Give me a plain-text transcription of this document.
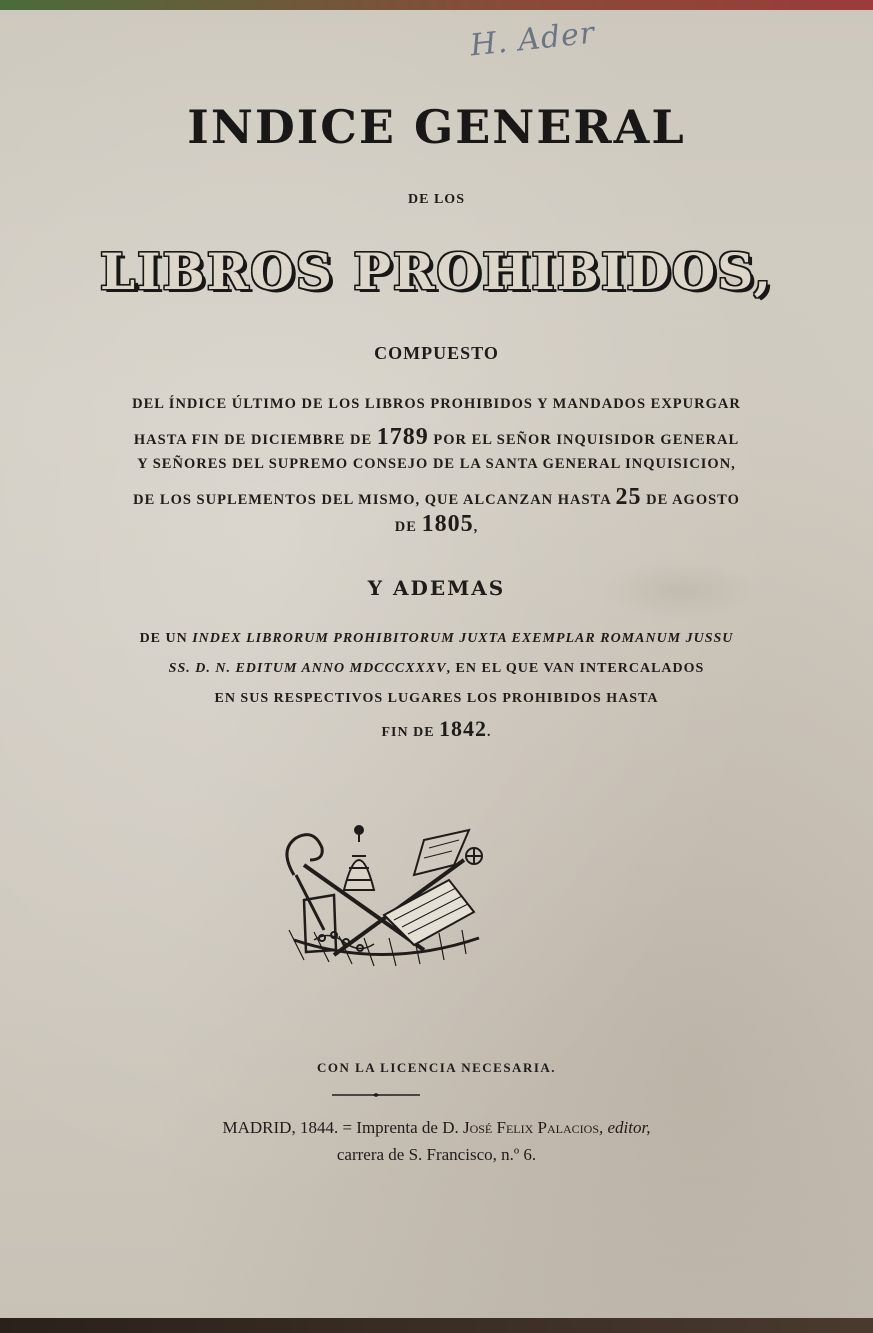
H. Ader
INDICE GENERAL
DE LOS
LIBROS PROHIBIDOS,
COMPUESTO
DEL ÍNDICE ÚLTIMO DE LOS LIBROS PROHIBIDOS Y MANDADOS EXPURGAR
HASTA FIN DE DICIEMBRE DE 1789 POR EL SEÑOR INQUISIDOR GENERAL
Y SEÑORES DEL SUPREMO CONSEJO DE LA SANTA GENERAL INQUISICION,
DE LOS SUPLEMENTOS DEL MISMO, QUE ALCANZAN HASTA 25 DE AGOSTO
DE 1805,
Y ADEMAS
DE UN INDEX LIBRORUM PROHIBITORUM JUXTA EXEMPLAR ROMANUM JUSSU
SS. D. N. EDITUM ANNO MDCCCXXXV, EN EL QUE VAN INTERCALADOS
EN SUS RESPECTIVOS LUGARES LOS PROHIBIDOS HASTA
FIN DE 1842.
CON LA LICENCIA NECESARIA.
MADRID, 1844. = Imprenta de D. José Felix Palacios, editor,
carrera de S. Francisco, n.º 6.
